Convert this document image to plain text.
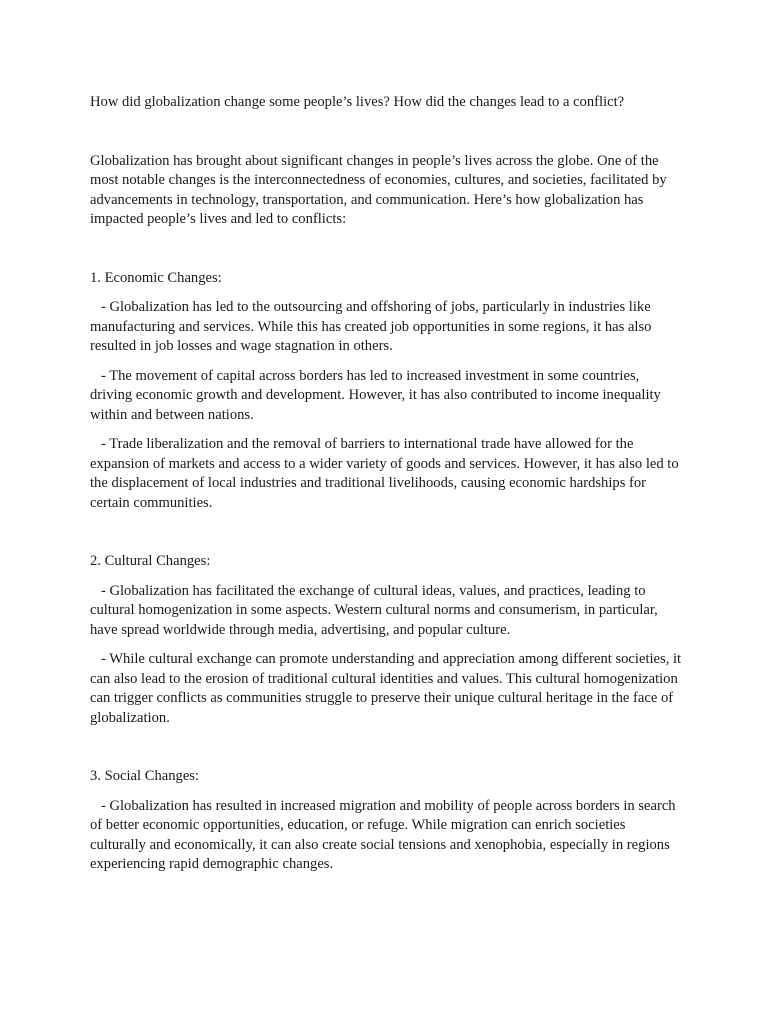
How did globalization change some people’s lives? How did the changes lead to a conflict?

Globalization has brought about significant changes in people’s lives across the globe. One of the most notable changes is the interconnectedness of economies, cultures, and societies, facilitated by advancements in technology, transportation, and communication. Here’s how globalization has impacted people’s lives and led to conflicts:

1. Economic Changes:

- Globalization has led to the outsourcing and offshoring of jobs, particularly in industries like manufacturing and services. While this has created job opportunities in some regions, it has also resulted in job losses and wage stagnation in others.

- The movement of capital across borders has led to increased investment in some countries, driving economic growth and development. However, it has also contributed to income inequality within and between nations.

- Trade liberalization and the removal of barriers to international trade have allowed for the expansion of markets and access to a wider variety of goods and services. However, it has also led to the displacement of local industries and traditional livelihoods, causing economic hardships for certain communities.

2. Cultural Changes:

- Globalization has facilitated the exchange of cultural ideas, values, and practices, leading to cultural homogenization in some aspects. Western cultural norms and consumerism, in particular, have spread worldwide through media, advertising, and popular culture.

- While cultural exchange can promote understanding and appreciation among different societies, it can also lead to the erosion of traditional cultural identities and values. This cultural homogenization can trigger conflicts as communities struggle to preserve their unique cultural heritage in the face of globalization.

3. Social Changes:

- Globalization has resulted in increased migration and mobility of people across borders in search of better economic opportunities, education, or refuge. While migration can enrich societies culturally and economically, it can also create social tensions and xenophobia, especially in regions experiencing rapid demographic changes.
